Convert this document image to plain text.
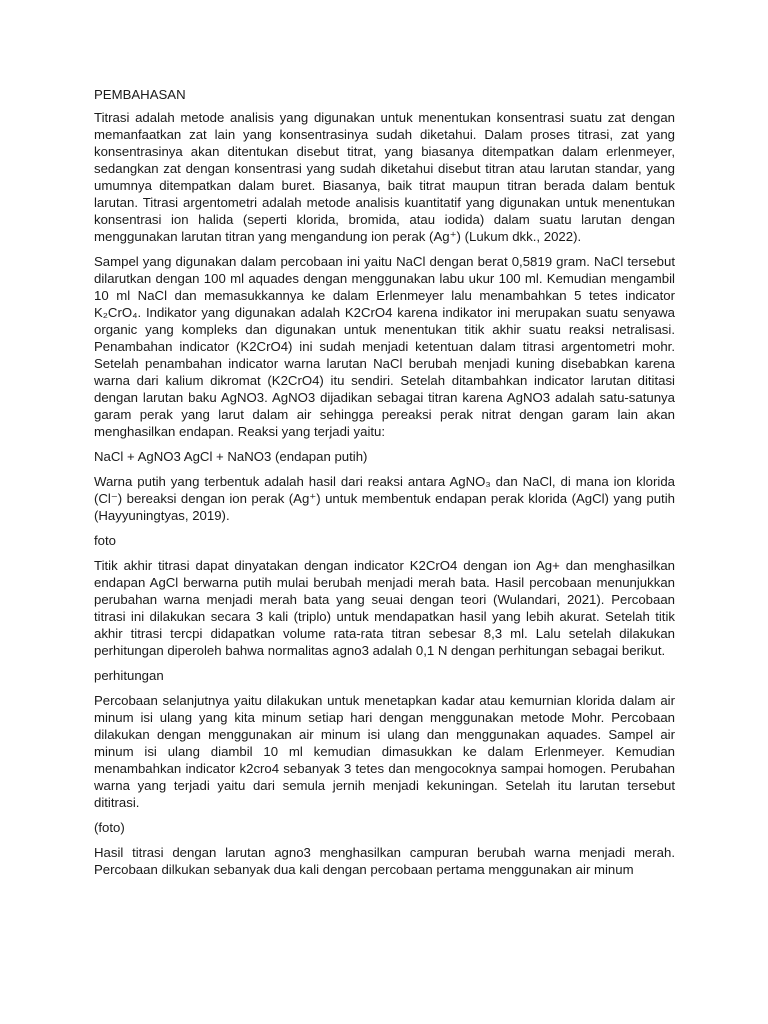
PEMBAHASAN

Titrasi adalah metode analisis yang digunakan untuk menentukan konsentrasi suatu zat dengan memanfaatkan zat lain yang konsentrasinya sudah diketahui. Dalam proses titrasi, zat yang konsentrasinya akan ditentukan disebut titrat, yang biasanya ditempatkan dalam erlenmeyer, sedangkan zat dengan konsentrasi yang sudah diketahui disebut titran atau larutan standar, yang umumnya ditempatkan dalam buret. Biasanya, baik titrat maupun titran berada dalam bentuk larutan. Titrasi argentometri adalah metode analisis kuantitatif yang digunakan untuk menentukan konsentrasi ion halida (seperti klorida, bromida, atau iodida) dalam suatu larutan dengan menggunakan larutan titran yang mengandung ion perak (Ag⁺) (Lukum dkk., 2022).

Sampel yang digunakan dalam percobaan ini yaitu NaCl dengan berat 0,5819 gram. NaCl tersebut dilarutkan dengan 100 ml aquades dengan menggunakan labu ukur 100 ml. Kemudian mengambil 10 ml NaCl dan memasukkannya ke dalam Erlenmeyer lalu menambahkan 5 tetes indicator K₂CrO₄. Indikator yang digunakan adalah K2CrO4 karena indikator ini merupakan suatu senyawa organic yang kompleks dan digunakan untuk menentukan titik akhir suatu reaksi netralisasi. Penambahan indicator (K2CrO4) ini sudah menjadi ketentuan dalam titrasi argentometri mohr. Setelah penambahan indicator warna larutan NaCl berubah menjadi kuning disebabkan karena warna dari kalium dikromat (K2CrO4) itu sendiri. Setelah ditambahkan indicator larutan dititasi dengan larutan baku AgNO3. AgNO3 dijadikan sebagai titran karena AgNO3 adalah satu-satunya garam perak yang larut dalam air sehingga pereaksi perak nitrat dengan garam lain akan menghasilkan endapan. Reaksi yang terjadi yaitu:

NaCl + AgNO3 AgCl + NaNO3 (endapan putih)

Warna putih yang terbentuk adalah hasil dari reaksi antara AgNO₃ dan NaCl, di mana ion klorida (Cl⁻) bereaksi dengan ion perak (Ag⁺) untuk membentuk endapan perak klorida (AgCl) yang putih (Hayyuningtyas, 2019).

foto

Titik akhir titrasi dapat dinyatakan dengan indicator K2CrO4 dengan ion Ag+ dan menghasilkan endapan AgCl berwarna putih mulai berubah menjadi merah bata. Hasil percobaan menunjukkan perubahan warna menjadi merah bata yang seuai dengan teori (Wulandari, 2021). Percobaan titrasi ini dilakukan secara 3 kali (triplo) untuk mendapatkan hasil yang lebih akurat. Setelah titik akhir titrasi tercpi didapatkan volume rata-rata titran sebesar 8,3 ml. Lalu setelah dilakukan perhitungan diperoleh bahwa normalitas agno3 adalah 0,1 N dengan perhitungan sebagai berikut.

perhitungan

Percobaan selanjutnya yaitu dilakukan untuk menetapkan kadar atau kemurnian klorida dalam air minum isi ulang yang kita minum setiap hari dengan menggunakan metode Mohr. Percobaan dilakukan dengan menggunakan air minum isi ulang dan menggunakan aquades. Sampel air minum isi ulang diambil 10 ml kemudian dimasukkan ke dalam Erlenmeyer. Kemudian menambahkan indicator k2cro4 sebanyak 3 tetes dan mengocoknya sampai homogen. Perubahan warna yang terjadi yaitu dari semula jernih menjadi kekuningan. Setelah itu larutan tersebut dititrasi.

(foto)

Hasil titrasi dengan larutan agno3 menghasilkan campuran berubah warna menjadi merah. Percobaan dilkukan sebanyak dua kali dengan percobaan pertama menggunakan air minum
